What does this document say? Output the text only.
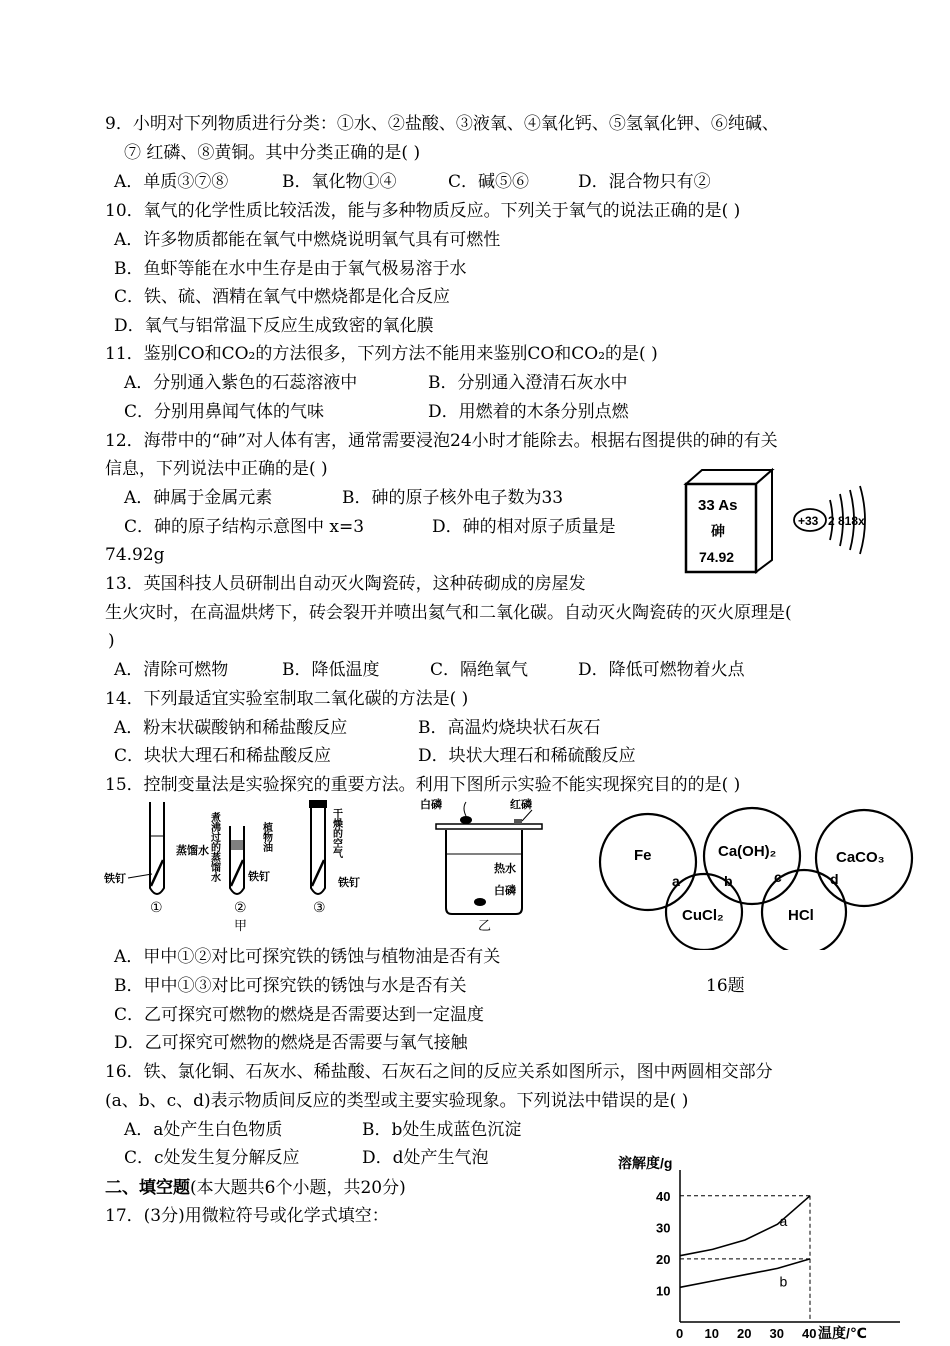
9．小明对下列物质进行分类：①水、②盐酸、③液氧、④氧化钙、⑤氢氧化钾、⑥纯碱、
⑦ 红磷、⑧黄铜。其中分类正确的是( )
A．单质③⑦⑧	B．氧化物①④	C．碱⑤⑥	D．混合物只有②
10．氧气的化学性质比较活泼，能与多种物质反应。下列关于氧气的说法正确的是( )
A．许多物质都能在氧气中燃烧说明氧气具有可燃性
B．鱼虾等能在水中生存是由于氧气极易溶于水
C．铁、硫、酒精在氧气中燃烧都是化合反应
D．氧气与铝常温下反应生成致密的氧化膜
11．鉴别CO和CO₂的方法很多，下列方法不能用来鉴别CO和CO₂的是( )
A．分别通入紫色的石蕊溶液中	B．分别通入澄清石灰水中
C．分别用鼻闻气体的气味	D．用燃着的木条分别点燃
12．海带中的“砷”对人体有害，通常需要浸泡24小时才能除去。根据右图提供的砷的有关
信息，下列说法中正确的是( )
A．砷属于金属元素	B．砷的原子核外电子数为33
C．砷的原子结构示意图中 x=3	D．砷的相对原子质量是
74.92g
33 As
砷
74.92
+33 2 818x
13．英国科技人员研制出自动灭火陶瓷砖，这种砖砌成的房屋发
生火灾时，在高温烘烤下，砖会裂开并喷出氦气和二氧化碳。自动灭火陶瓷砖的灭火原理是(
)
A．清除可燃物	B．降低温度	C．隔绝氧气	D．降低可燃物着火点
14．下列最适宜实验室制取二氧化碳的方法是( )
A．粉末状碳酸钠和稀盐酸反应	B．高温灼烧块状石灰石
C．块状大理石和稀盐酸反应	D．块状大理石和稀硫酸反应
15．控制变量法是实验探究的重要方法。利用下图所示实验不能实现探究目的的是( )
铁钉
蒸馏水
①
铁钉
②
煮沸过的蒸馏水	植物油
铁钉
干燥的空气
③
甲
白磷	红磷
热水
白磷
乙
Fe	Ca(OH)₂	CaCO₃
CuCl₂	HCl
a	b	c	d
A．甲中①②对比可探究铁的锈蚀与植物油是否有关
B．甲中①③对比可探究铁的锈蚀与水是否有关	16题
C．乙可探究可燃物的燃烧是否需要达到一定温度
D．乙可探究可燃物的燃烧是否需要与氧气接触
16．铁、氯化铜、石灰水、稀盐酸、石灰石之间的反应关系如图所示，图中两圆相交部分
(a、b、c、d)表示物质间反应的类型或主要实验现象。下列说法中错误的是( )
A．a处产生白色物质	B．b处生成蓝色沉淀
C．c处发生复分解反应	D．d处产生气泡
二、填空题(本大题共6个小题，共20分)
17．(3分)用微粒符号或化学式填空：
溶解度/g
温度/℃
0 10 20 30 40
10
20
30
40
a
b
